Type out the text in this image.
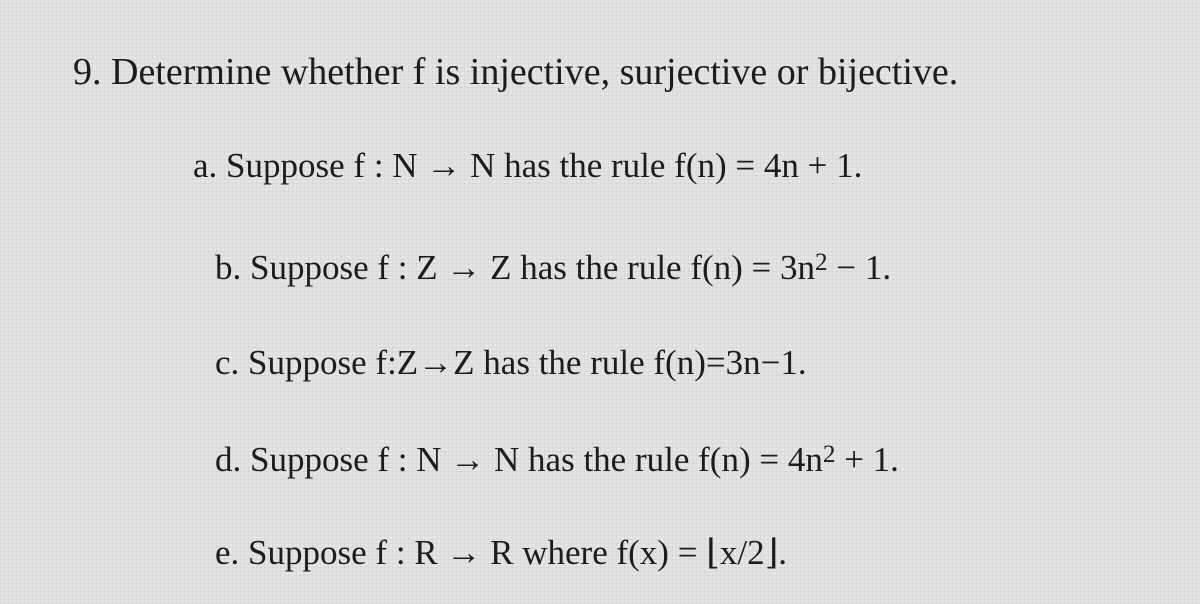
9. Determine whether f is injective, surjective or bijective.
a. Suppose f : N → N has the rule f(n) = 4n + 1.
b. Suppose f : Z → Z has the rule $f(n) = 3n^2 - 1$.
c. Suppose f:Z→Z has the rule f(n)=3n−1.
d. Suppose f : N → N has the rule $f(n) = 4n^2 + 1$.
e. Suppose f : R → R where f(x) = ⌊x/2⌋.
